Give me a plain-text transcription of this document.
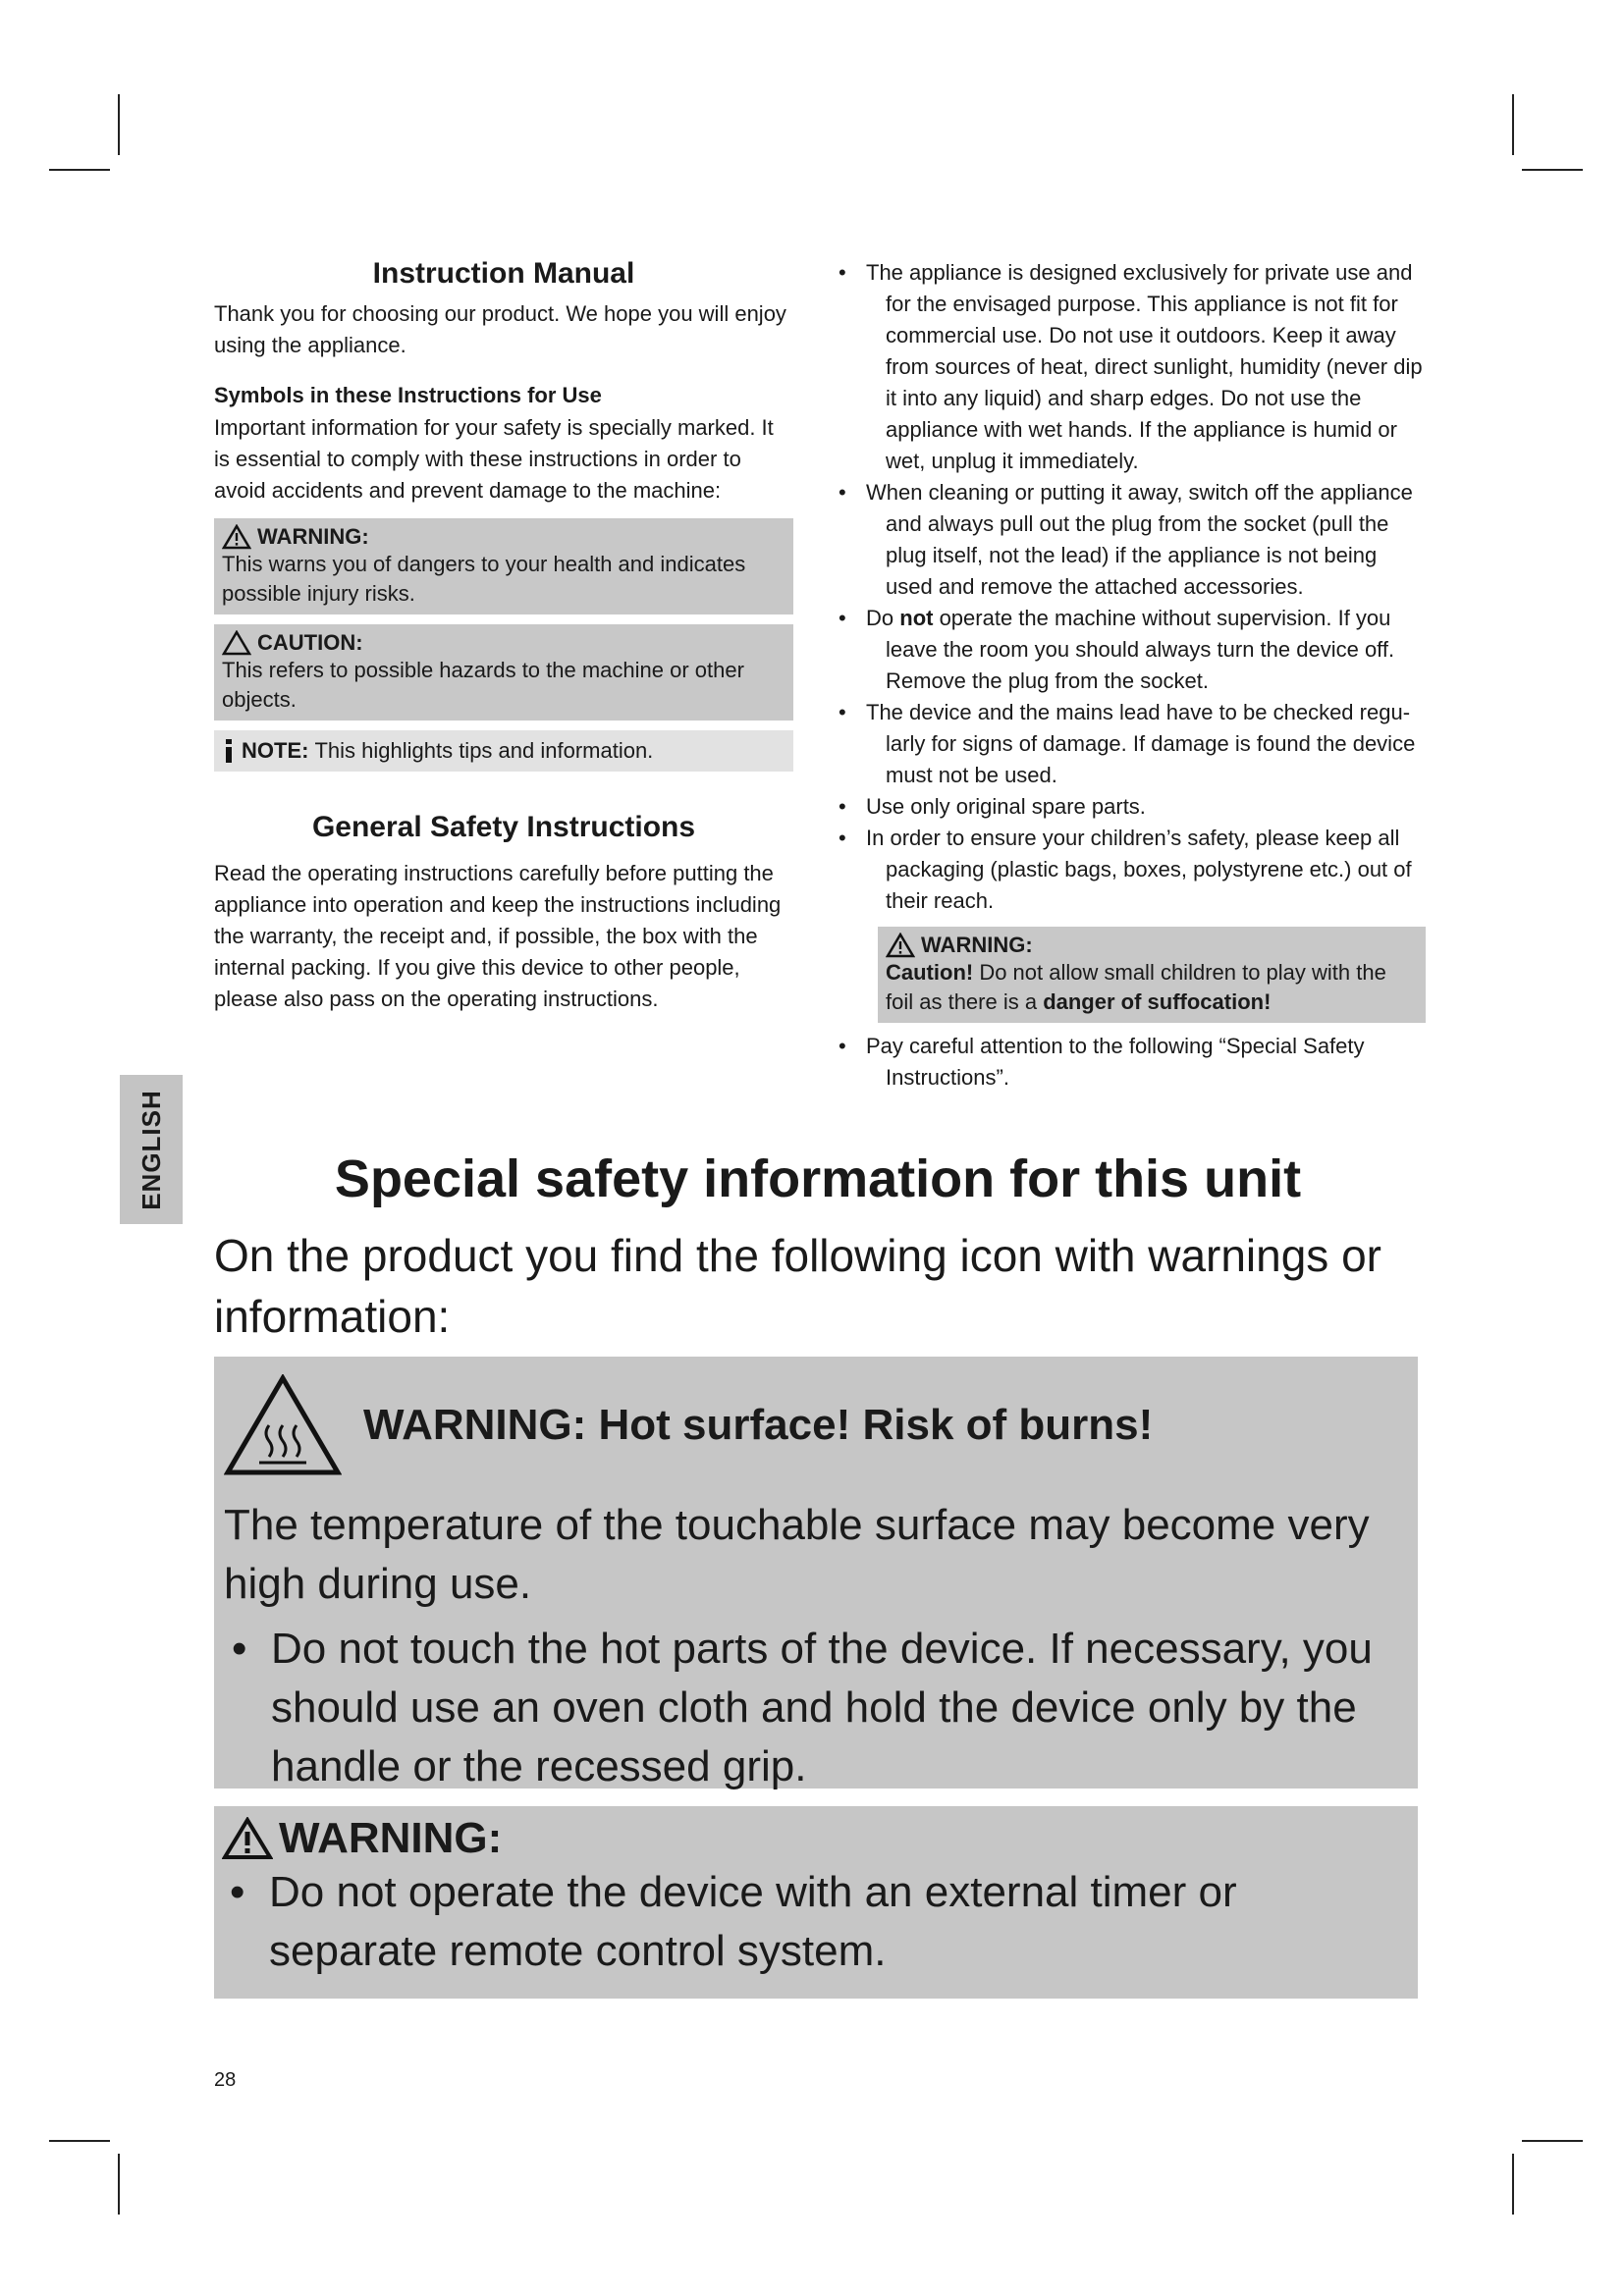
ENGLISH
Instruction Manual

Thank you for choosing our product. We hope you will enjoy using the appliance.

Symbols in these Instructions for Use

Important information for your safety is specially marked. It is essential to comply with these instructions in order to avoid accidents and prevent damage to the machine:

WARNING:
This warns you of dangers to your health and indicates possible injury risks.
CAUTION:
This refers to possible hazards to the machine or other objects.
NOTE: This highlights tips and information.
General Safety Instructions

Read the operating instructions carefully before putting the appliance into operation and keep the instructions including the warranty, the receipt and, if possible, the box with the internal packing. If you give this device to other people, please also pass on the operating instructions.

• The appliance is designed exclusively for private use and
for the envisaged purpose. This appliance is not fit for commercial use. Do not use it outdoors. Keep it away from sources of heat, direct sunlight, humidity (never dip it into any liquid) and sharp edges. Do not use the appliance with wet hands. If the appliance is humid or wet, unplug it immediately.
• When cleaning or putting it away, switch off the appliance
and always pull out the plug from the socket (pull the plug itself, not the lead) if the appliance is not being used and remove the attached accessories.
• Do not operate the machine without supervision. If you
leave the room you should always turn the device off. Remove the plug from the socket.
• The device and the mains lead have to be checked regu-
larly for signs of damage. If damage is found the device must not be used.
• Use only original spare parts.
• In order to ensure your children’s safety, please keep all
packaging (plastic bags, boxes, polystyrene etc.) out of their reach.
WARNING:
Caution! Do not allow small children to play with the foil as there is a danger of suffocation!
• Pay careful attention to the following “Special Safety
Instructions”.
Special safety information for this unit

On the product you find the following icon with warnings or information:

WARNING: Hot surface! Risk of burns!
The temperature of the touchable surface may become very high during use.
• Do not touch the hot parts of the device. If necessary, you should use an oven cloth and hold the device only by the handle or the recessed grip.
WARNING:
• Do not operate the device with an external timer or separate remote control system.
28
